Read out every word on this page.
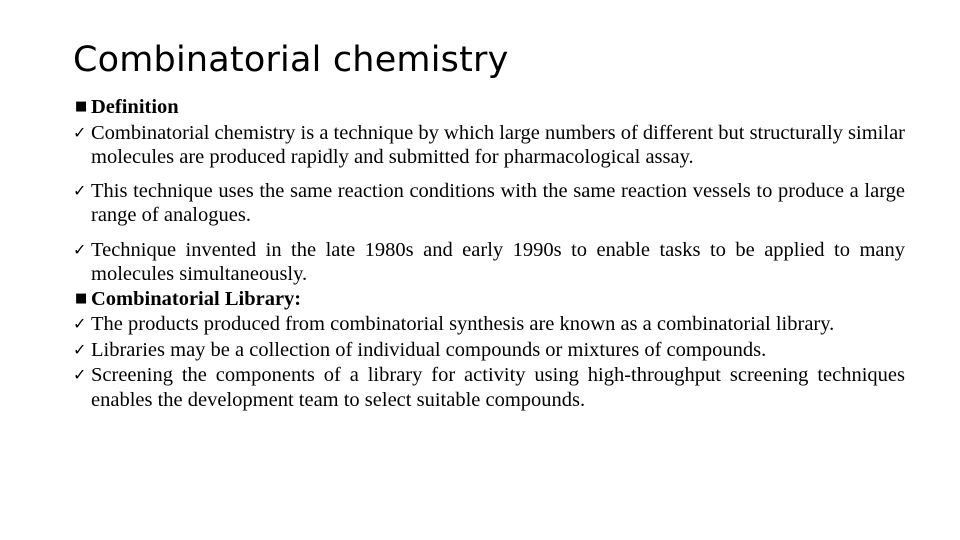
Combinatorial chemistry
■ Definition
✓ Combinatorial chemistry is a technique by which large numbers of different but structurally similar molecules are produced rapidly and submitted for pharmacological assay.
✓ This technique uses the same reaction conditions with the same reaction vessels to produce a large range of analogues.
✓ Technique invented in the late 1980s and early 1990s to enable tasks to be applied to many molecules simultaneously.
■ Combinatorial Library:
✓ The products produced from combinatorial synthesis are known as a combinatorial library.
✓ Libraries may be a collection of individual compounds or mixtures of compounds.
✓ Screening the components of a library for activity using high-throughput screening techniques enables the development team to select suitable compounds.
